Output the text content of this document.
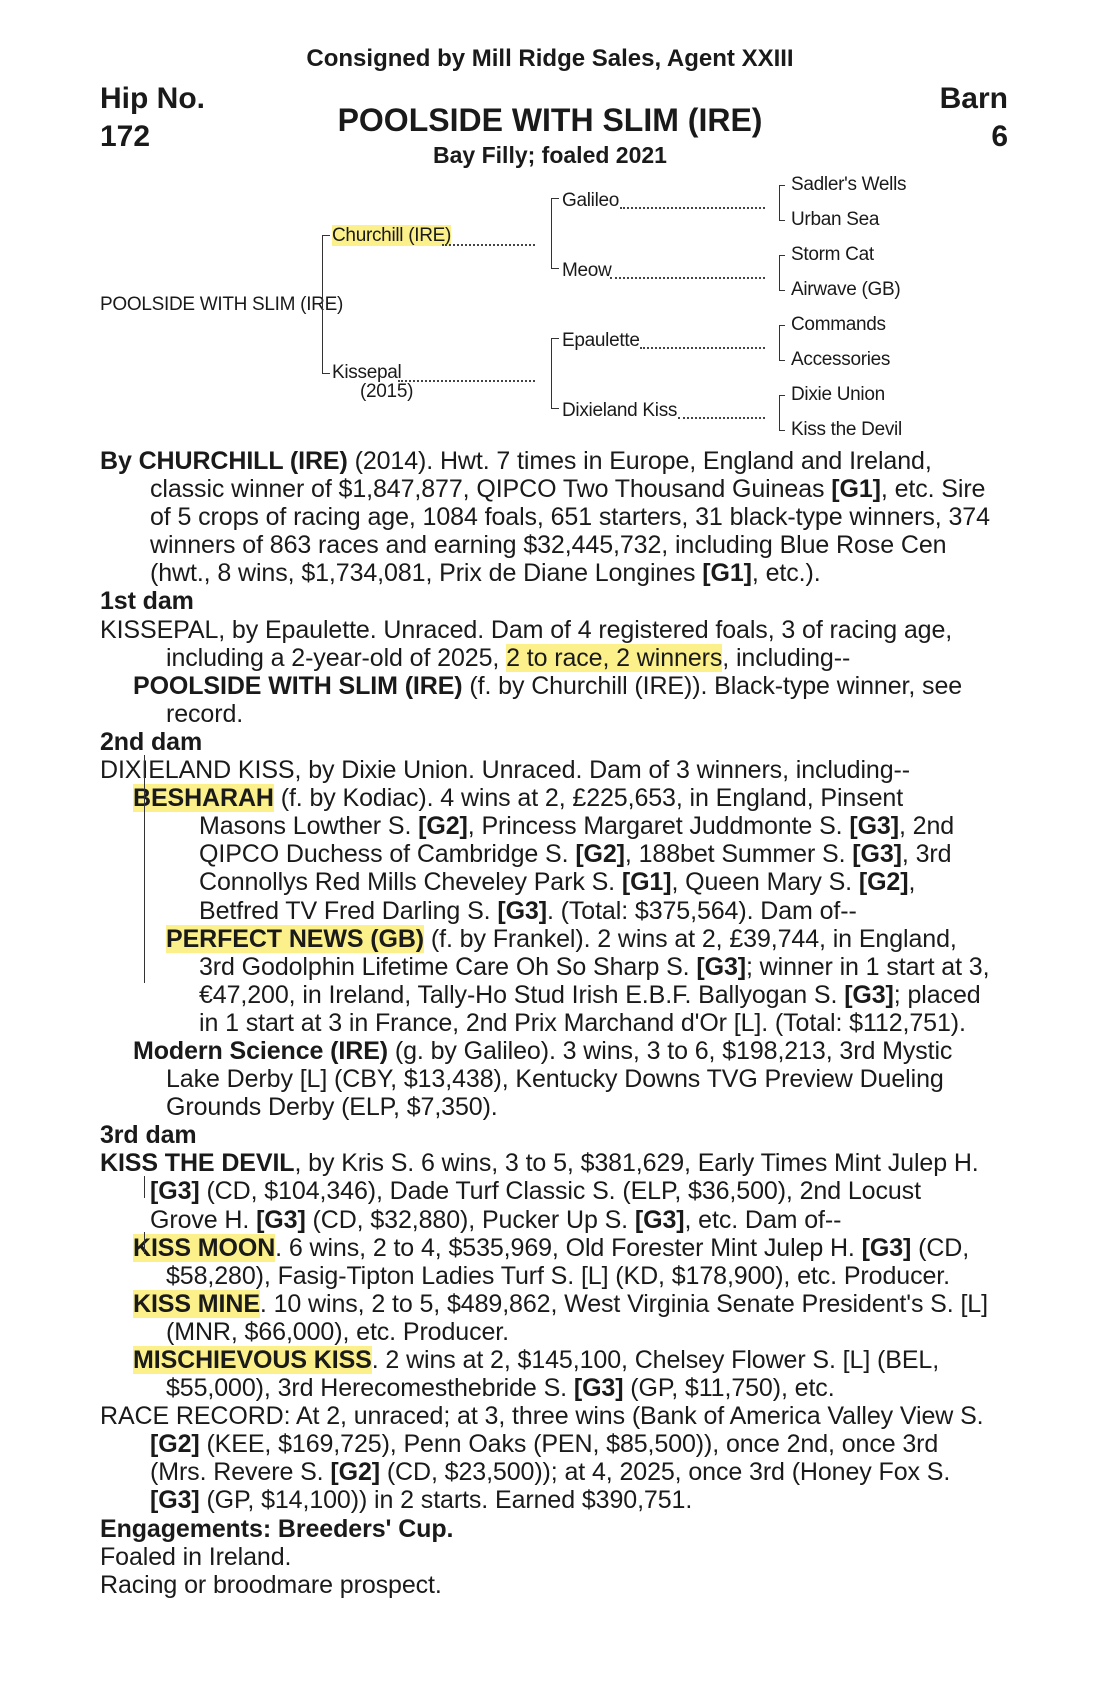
Consigned by Mill Ridge Sales, Agent XXIII
Hip No.
172
Barn
6
POOLSIDE WITH SLIM (IRE)
Bay Filly; foaled 2021
POOLSIDE WITH SLIM (IRE)
Churchill (IRE)
Kissepal
(2015)
Galileo
Meow
Epaulette
Dixieland Kiss
Sadler's Wells
Urban Sea
Storm Cat
Airwave (GB)
Commands
Accessories
Dixie Union
Kiss the Devil

By CHURCHILL (IRE) (2014). Hwt. 7 times in Europe, England and Ireland, classic winner of $1,847,877, QIPCO Two Thousand Guineas [G1], etc. Sire of 5 crops of racing age, 1084 foals, 651 starters, 31 black-type winners, 374 winners of 863 races and earning $32,445,732, including Blue Rose Cen (hwt., 8 wins, $1,734,081, Prix de Diane Longines [G1], etc.).

1st dam

KISSEPAL, by Epaulette. Unraced. Dam of 4 registered foals, 3 of racing age, including a 2-year-old of 2025, 2 to race, 2 winners, including--

POOLSIDE WITH SLIM (IRE) (f. by Churchill (IRE)). Black-type winner, see record.

2nd dam

DIXIELAND KISS, by Dixie Union. Unraced. Dam of 3 winners, including--

BESHARAH (f. by Kodiac). 4 wins at 2, £225,653, in England, Pinsent Masons Lowther S. [G2], Princess Margaret Juddmonte S. [G3], 2nd QIPCO Duchess of Cambridge S. [G2], 188bet Summer S. [G3], 3rd Connollys Red Mills Cheveley Park S. [G1], Queen Mary S. [G2], Betfred TV Fred Darling S. [G3]. (Total: $375,564). Dam of--

PERFECT NEWS (GB) (f. by Frankel). 2 wins at 2, £39,744, in England, 3rd Godolphin Lifetime Care Oh So Sharp S. [G3]; winner in 1 start at 3, €47,200, in Ireland, Tally-Ho Stud Irish E.B.F. Ballyogan S. [G3]; placed in 1 start at 3 in France, 2nd Prix Marchand d'Or [L]. (Total: $112,751).

Modern Science (IRE) (g. by Galileo). 3 wins, 3 to 6, $198,213, 3rd Mystic Lake Derby [L] (CBY, $13,438), Kentucky Downs TVG Preview Dueling Grounds Derby (ELP, $7,350).

3rd dam

KISS THE DEVIL, by Kris S. 6 wins, 3 to 5, $381,629, Early Times Mint Julep H. [G3] (CD, $104,346), Dade Turf Classic S. (ELP, $36,500), 2nd Locust Grove H. [G3] (CD, $32,880), Pucker Up S. [G3], etc. Dam of--

KISS MOON. 6 wins, 2 to 4, $535,969, Old Forester Mint Julep H. [G3] (CD, $58,280), Fasig-Tipton Ladies Turf S. [L] (KD, $178,900), etc. Producer.

KISS MINE. 10 wins, 2 to 5, $489,862, West Virginia Senate President's S. [L] (MNR, $66,000), etc. Producer.

MISCHIEVOUS KISS. 2 wins at 2, $145,100, Chelsey Flower S. [L] (BEL, $55,000), 3rd Herecomesthebride S. [G3] (GP, $11,750), etc.

RACE RECORD: At 2, unraced; at 3, three wins (Bank of America Valley View S. [G2] (KEE, $169,725), Penn Oaks (PEN, $85,500)), once 2nd, once 3rd (Mrs. Revere S. [G2] (CD, $23,500)); at 4, 2025, once 3rd (Honey Fox S. [G3] (GP, $14,100)) in 2 starts. Earned $390,751.

Engagements: Breeders' Cup.

Foaled in Ireland.

Racing or broodmare prospect.
